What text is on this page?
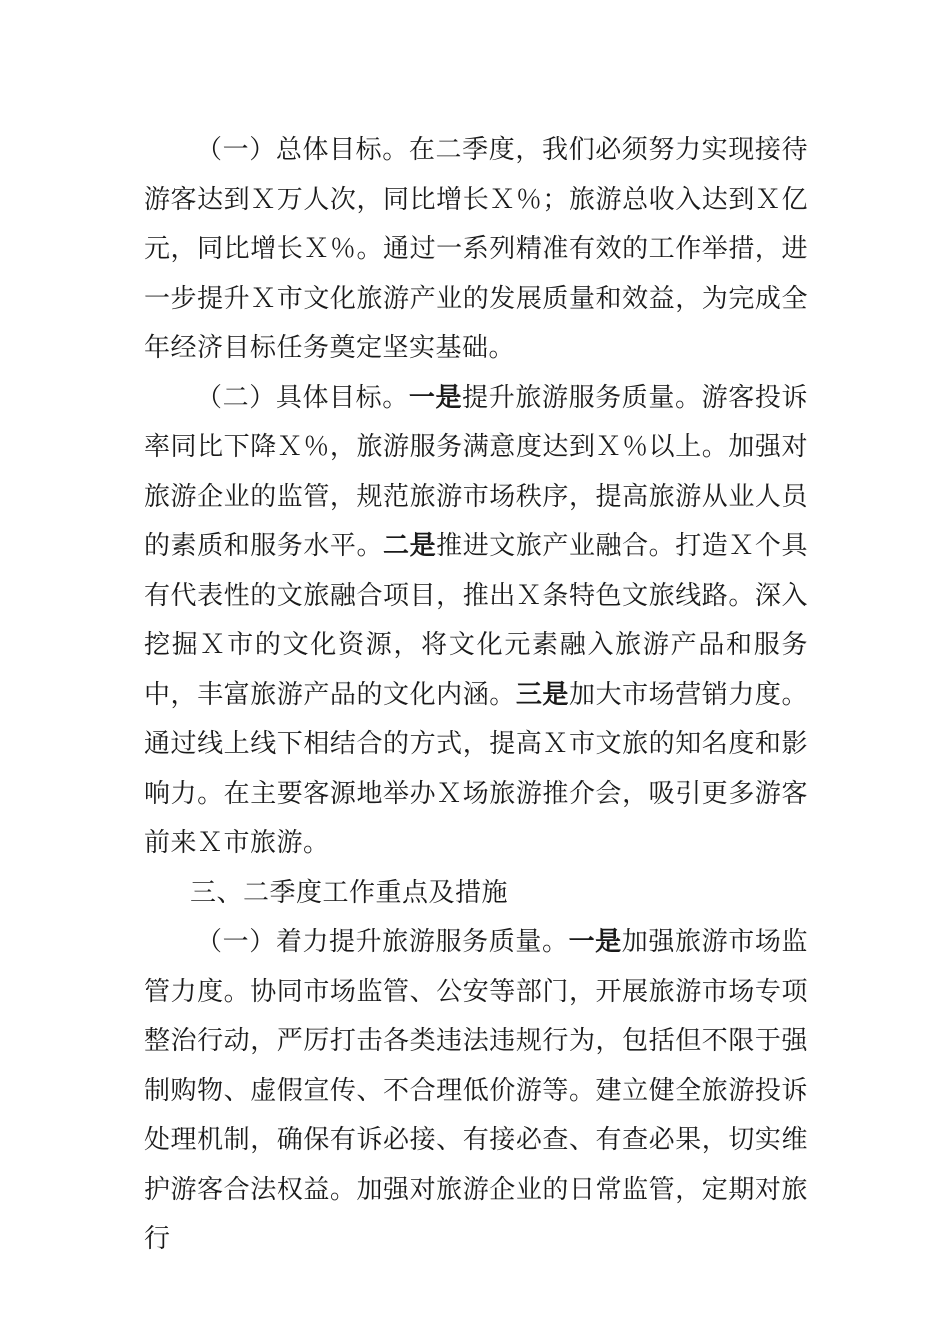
（一）总体目标。在二季度，我们必须努力实现接待游客达到Ｘ万人次，同比增长Ｘ％；旅游总收入达到Ｘ亿元，同比增长Ｘ％。通过一系列精准有效的工作举措，进一步提升Ｘ市文化旅游产业的发展质量和效益，为完成全年经济目标任务奠定坚实基础。

（二）具体目标。一是提升旅游服务质量。游客投诉率同比下降Ｘ％，旅游服务满意度达到Ｘ％以上。加强对旅游企业的监管，规范旅游市场秩序，提高旅游从业人员的素质和服务水平。二是推进文旅产业融合。打造Ｘ个具有代表性的文旅融合项目，推出Ｘ条特色文旅线路。深入挖掘Ｘ市的文化资源，将文化元素融入旅游产品和服务中，丰富旅游产品的文化内涵。三是加大市场营销力度。通过线上线下相结合的方式，提高Ｘ市文旅的知名度和影响力。在主要客源地举办Ｘ场旅游推介会，吸引更多游客前来Ｘ市旅游。

三、二季度工作重点及措施

（一）着力提升旅游服务质量。一是加强旅游市场监管力度。协同市场监管、公安等部门，开展旅游市场专项整治行动，严厉打击各类违法违规行为，包括但不限于强制购物、虚假宣传、不合理低价游等。建立健全旅游投诉处理机制，确保有诉必接、有接必查、有查必果，切实维护游客合法权益。加强对旅游企业的日常监管，定期对旅行
